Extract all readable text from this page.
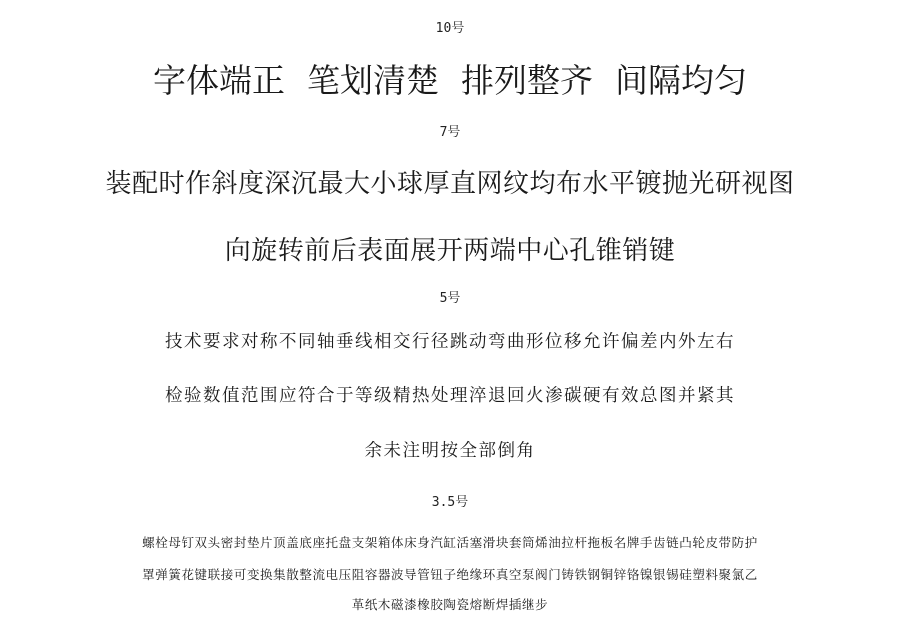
10号
字体端正 笔划清楚 排列整齐 间隔均匀
7号
装配时作斜度深沉最大小球厚直网纹均布水平镀抛光研视图
向旋转前后表面展开两端中心孔锥销键
5号
技术要求对称不同轴垂线相交行径跳动弯曲形位移允许偏差内外左右
检验数值范围应符合于等级精热处理淬退回火渗碳硬有效总图并紧其
余未注明按全部倒角
3.5号
螺栓母钉双头密封垫片顶盖底座托盘支架箱体床身汽缸活塞滑块套筒烯油拉杆拖板名牌手齿链凸轮皮带防护
罩弹簧花键联接可变换集散整流电压阻容器波导管钮子绝缘环真空泵阀门铸铁钢铜锌铬镍银锡硅塑料聚氯乙
革纸木磁漆橡胶陶瓷熔断焊插继步
